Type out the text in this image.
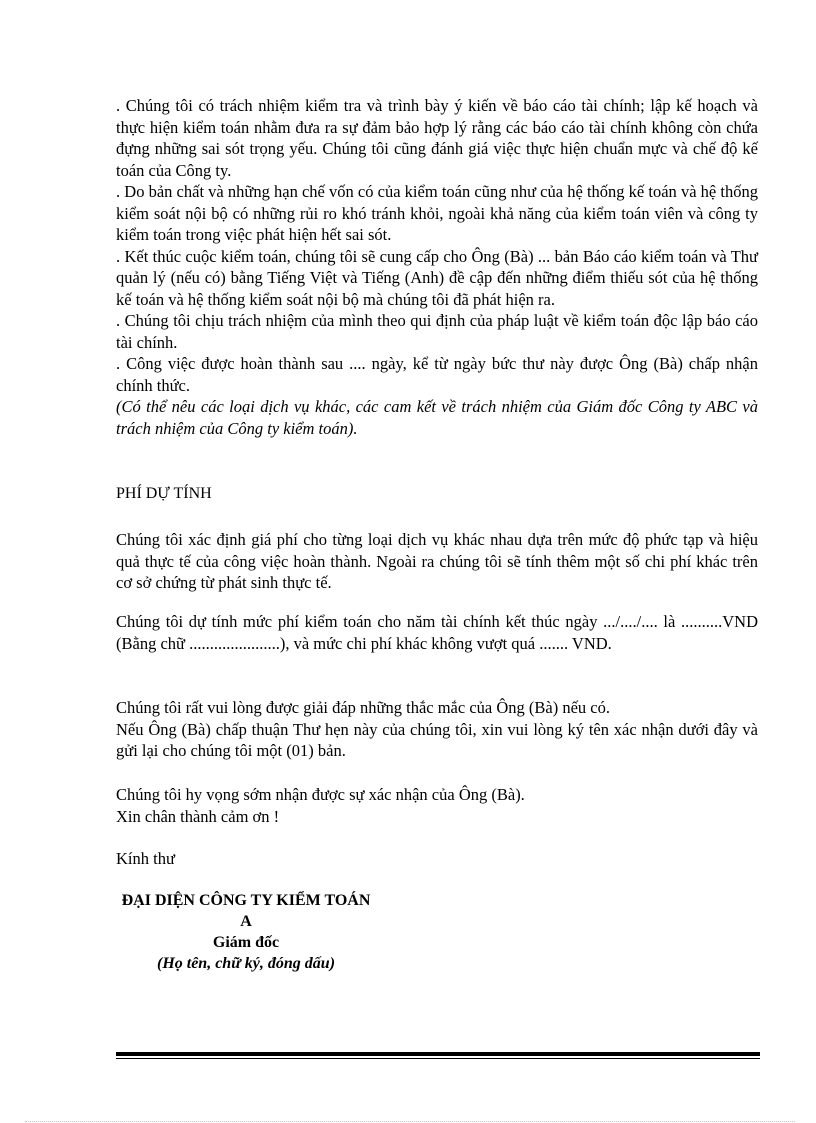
. Chúng tôi có trách nhiệm kiểm tra và trình bày ý kiến về báo cáo tài chính; lập kế hoạch và thực hiện kiểm toán nhằm đưa ra sự đảm bảo hợp lý rằng các báo cáo tài chính không còn chứa đựng những sai sót trọng yếu. Chúng tôi cũng đánh giá việc thực hiện chuẩn mực và chế độ kế toán của Công ty.

. Do bản chất và những hạn chế vốn có của kiểm toán cũng như của hệ thống kế toán và hệ thống kiểm soát nội bộ có những rủi ro khó tránh khỏi, ngoài khả năng của kiểm toán viên và công ty kiểm toán trong việc phát hiện hết sai sót.

. Kết thúc cuộc kiểm toán, chúng tôi sẽ cung cấp cho Ông (Bà) ... bản Báo cáo kiểm toán và Thư quản lý (nếu có) bằng Tiếng Việt và Tiếng (Anh) đề cập đến những điểm thiếu sót của hệ thống kế toán và hệ thống kiểm soát nội bộ mà chúng tôi đã phát hiện ra.

. Chúng tôi chịu trách nhiệm của mình theo qui định của pháp luật về kiểm toán độc lập báo cáo tài chính.

. Công việc được hoàn thành sau .... ngày, kể từ ngày bức thư này được Ông (Bà) chấp nhận chính thức.

(Có thể nêu các loại dịch vụ khác, các cam kết về trách nhiệm của Giám đốc Công ty ABC và trách nhiệm của Công ty kiểm toán).

PHÍ DỰ TÍNH

Chúng tôi xác định giá phí cho từng loại dịch vụ khác nhau dựa trên mức độ phức tạp và hiệu quả thực tế của công việc hoàn thành. Ngoài ra chúng tôi sẽ tính thêm một số chi phí khác trên cơ sở chứng từ phát sinh thực tế.

Chúng tôi dự tính mức phí kiểm toán cho năm tài chính kết thúc ngày .../..../.... là ..........VND (Bằng chữ ......................), và mức chi phí khác không vượt quá ....... VND.

Chúng tôi rất vui lòng được giải đáp những thắc mắc của Ông (Bà) nếu có.

Nếu Ông (Bà) chấp thuận Thư hẹn này của chúng tôi, xin vui lòng ký tên xác nhận dưới đây và gửi lại cho chúng tôi một (01) bản.

Chúng tôi hy vọng sớm nhận được sự xác nhận của Ông (Bà).

Xin chân thành cảm ơn !

Kính thư
ĐẠI DIỆN CÔNG TY KIỂM TOÁN A
Giám đốc
(Họ tên, chữ ký, đóng dấu)
